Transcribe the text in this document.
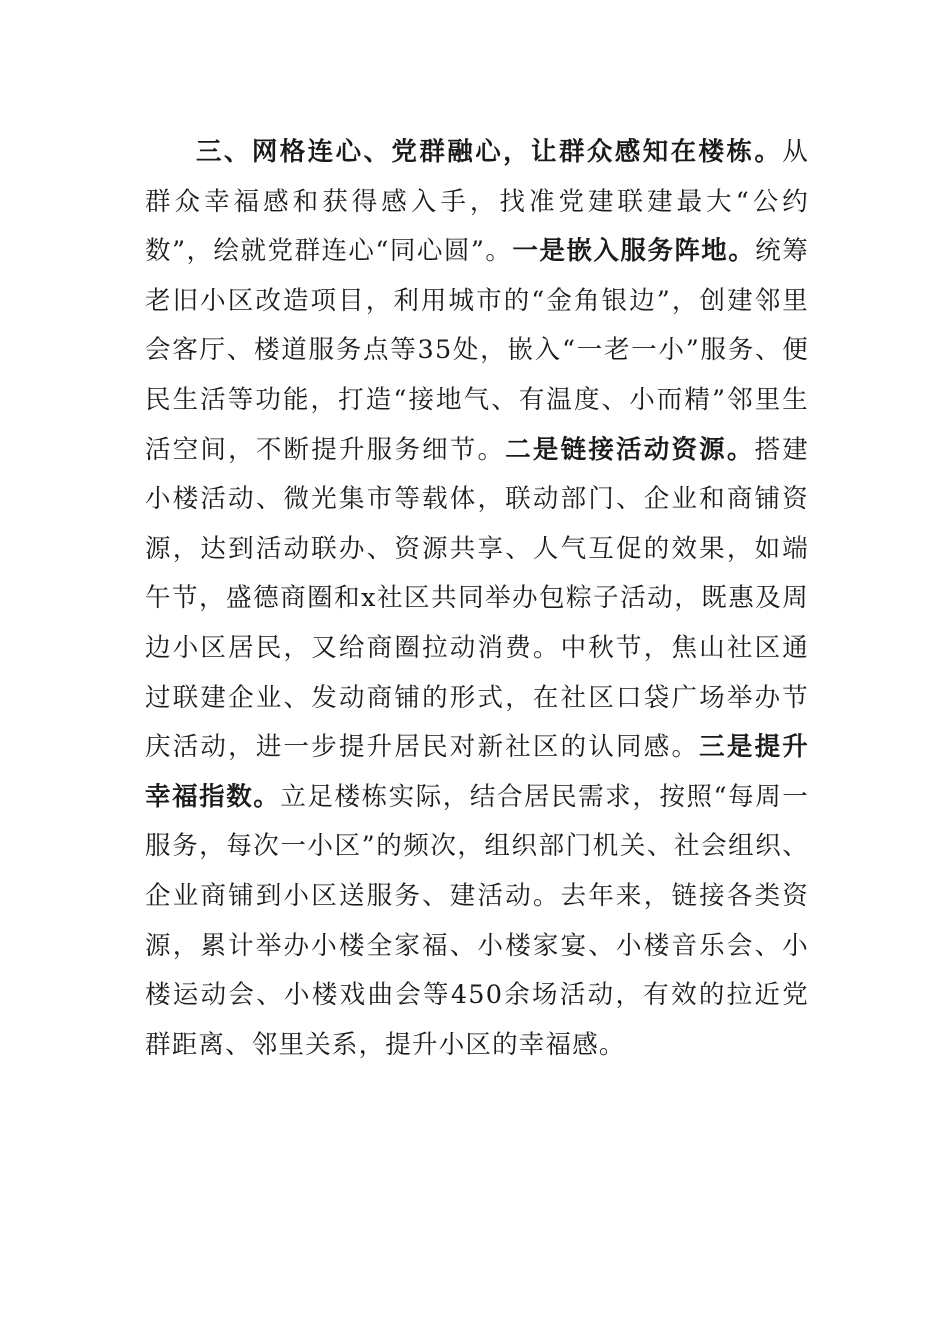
三、网格连心、党群融心，让群众感知在楼栋。从群众幸福感和获得感入手，找准党建联建最大“公约数”，绘就党群连心“同心圆”。一是嵌入服务阵地。统筹老旧小区改造项目，利用城市的“金角银边”，创建邻里会客厅、楼道服务点等35处，嵌入“一老一小”服务、便民生活等功能，打造“接地气、有温度、小而精”邻里生活空间，不断提升服务细节。二是链接活动资源。搭建小楼活动、微光集市等载体，联动部门、企业和商铺资源，达到活动联办、资源共享、人气互促的效果，如端午节，盛德商圈和x社区共同举办包粽子活动，既惠及周边小区居民，又给商圈拉动消费。中秋节，焦山社区通过联建企业、发动商铺的形式，在社区口袋广场举办节庆活动，进一步提升居民对新社区的认同感。三是提升幸福指数。立足楼栋实际，结合居民需求，按照“每周一服务，每次一小区”的频次，组织部门机关、社会组织、企业商铺到小区送服务、建活动。去年来，链接各类资源，累计举办小楼全家福、小楼家宴、小楼音乐会、小楼运动会、小楼戏曲会等450余场活动，有效的拉近党群距离、邻里关系，提升小区的幸福感。
